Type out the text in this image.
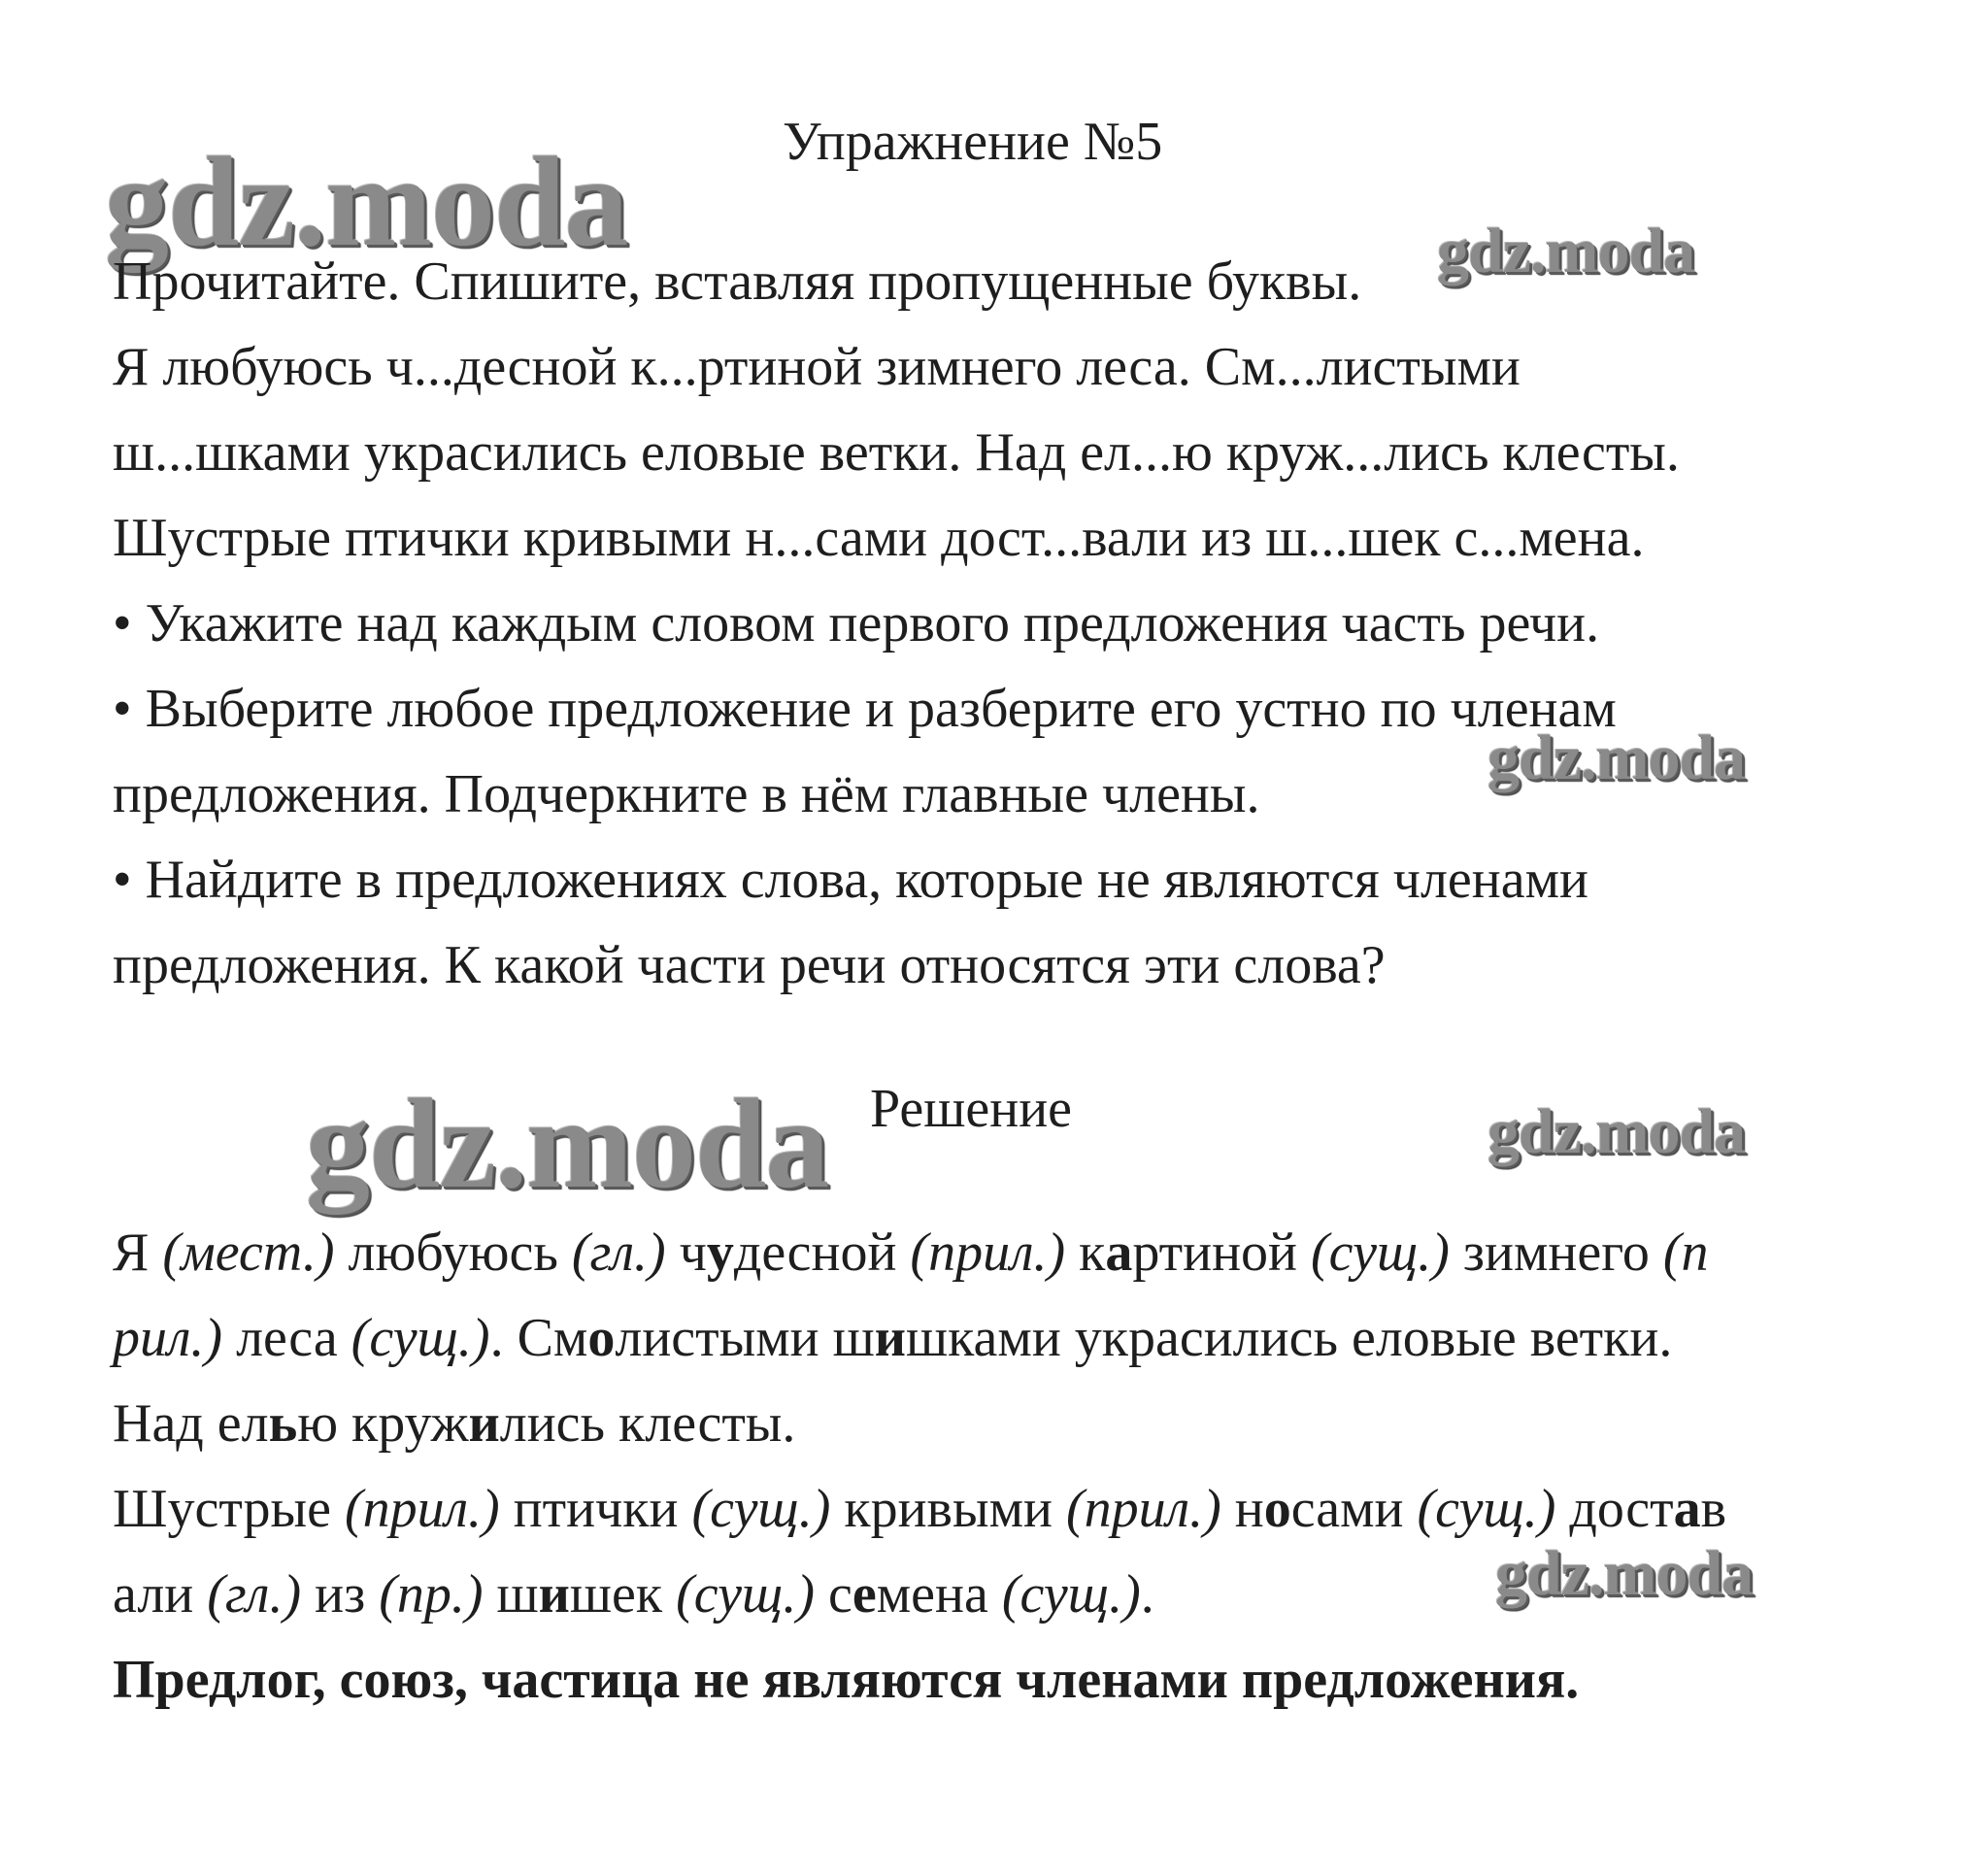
Упражнение №5
gdz.moda	gdz.moda
gdz.moda
gdz.moda	gdz.moda
gdz.moda
Прочитайте. Спишите, вставляя пропущенные буквы.
Я любуюсь ч...десной к...ртиной зимнего леса. См...листыми
ш...шками украсились еловые ветки. Над ел...ю круж...лись клесты.
Шустрые птички кривыми н...сами дост...вали из ш...шек с...мена.
• Укажите над каждым словом первого предложения часть речи.
• Выберите любое предложение и разберите его устно по членам
предложения. Подчеркните в нём главные члены.
• Найдите в предложениях слова, которые не являются членами
предложения. К какой части речи относятся эти слова?
Решение
Я (мест.) любуюсь (гл.) чудесной (прил.) картиной (сущ.) зимнего (п
рил.) леса (сущ.). Смолистыми шишками украсились еловые ветки.
Над елью кружились клесты.
Шустрые (прил.) птички (сущ.) кривыми (прил.) носами (сущ.) достав
али (гл.) из (пр.) шишек (сущ.) семена (сущ.).
Предлог, союз, частица не являются членами предложения.
